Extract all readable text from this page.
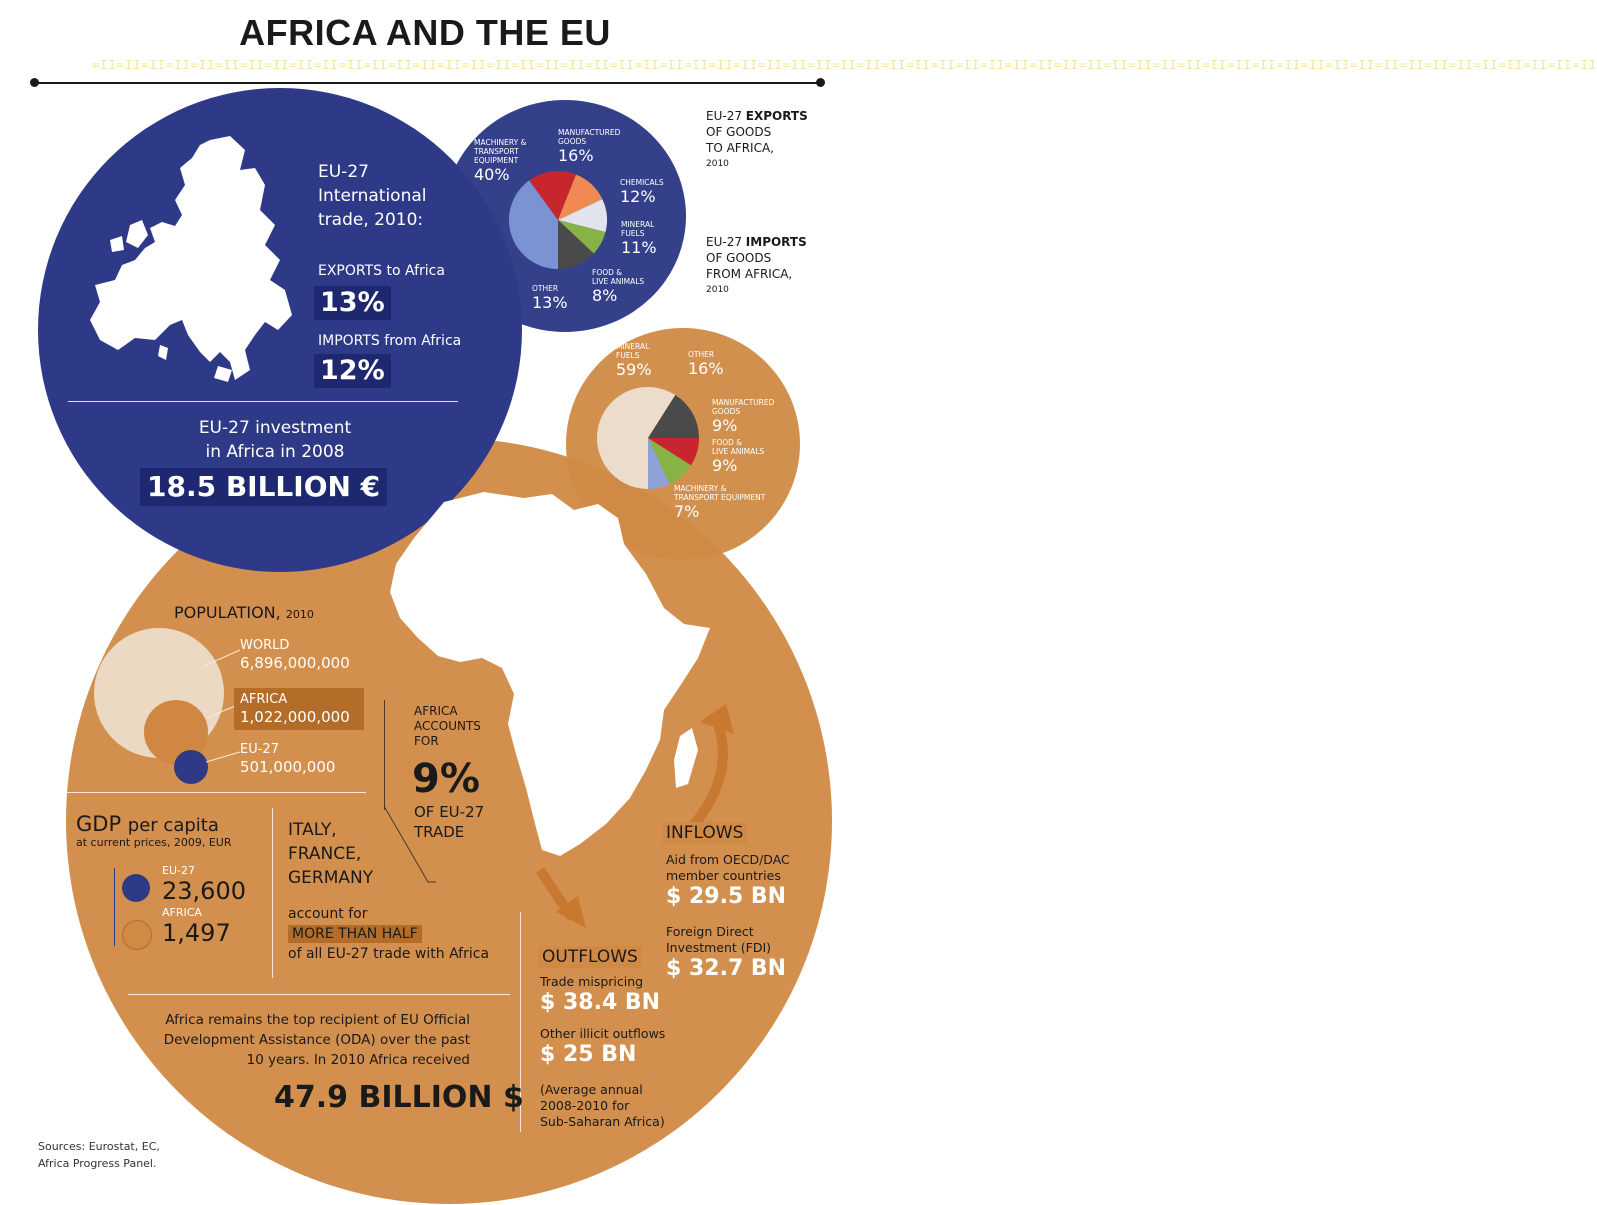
AFRICA AND THE EU
=II=II=II=II=II=II=II=II=II=II=II=II=II=II=II=II=II=II=II=II=II=II=II=II=II=II=II=II=II=II=II=II=II=II=II=II=II=II=II=II=II=II=II=II=II=II=II=II=II=II=II=II=II=II=II=II=II=II=II=II=II
EU-27
International
trade, 2010:
EXPORTS to Africa
13%
IMPORTS from Africa
12%
EU-27 investment
in Africa in 2008
18.5 BILLION €
MACHINERY &
TRANSPORT
EQUIPMENT
40%
MANUFACTURED
GOODS
16%
CHEMICALS
12%
MINERAL
FUELS
11%
FOOD &
LIVE ANIMALS
8%
OTHER
13%
MINERAL
FUELS
59%
OTHER
16%
MANUFACTURED
GOODS
9%
FOOD &
LIVE ANIMALS
9%
MACHINERY &
TRANSPORT EQUIPMENT
7%
EU-27 EXPORTS
OF GOODS
TO AFRICA,
2010
EU-27 IMPORTS
OF GOODS
FROM AFRICA,
2010
POPULATION, 2010
WORLD
6,896,000,000
AFRICA
1,022,000,000
EU-27
501,000,000
GDP per capita
at current prices, 2009, EUR
EU-27
23,600
AFRICA
1,497
AFRICA
ACCOUNTS
FOR
9%
OF EU-27
TRADE
ITALY,
FRANCE,
GERMANY
account for
MORE THAN HALF
of all EU-27 trade with Africa
INFLOWS
Aid from OECD/DAC
member countries
$ 29.5 BN
Foreign Direct
Investment (FDI)
$ 32.7 BN
OUTFLOWS
Trade mispricing
$ 38.4 BN
Other illicit outflows
$ 25 BN
(Average annual
2008-2010 for
Sub-Saharan Africa)
Africa remains the top recipient of EU Official
Development Assistance (ODA) over the past
10 years. In 2010 Africa received
47.9 BILLION $
Sources: Eurostat, EC,
Africa Progress Panel.
